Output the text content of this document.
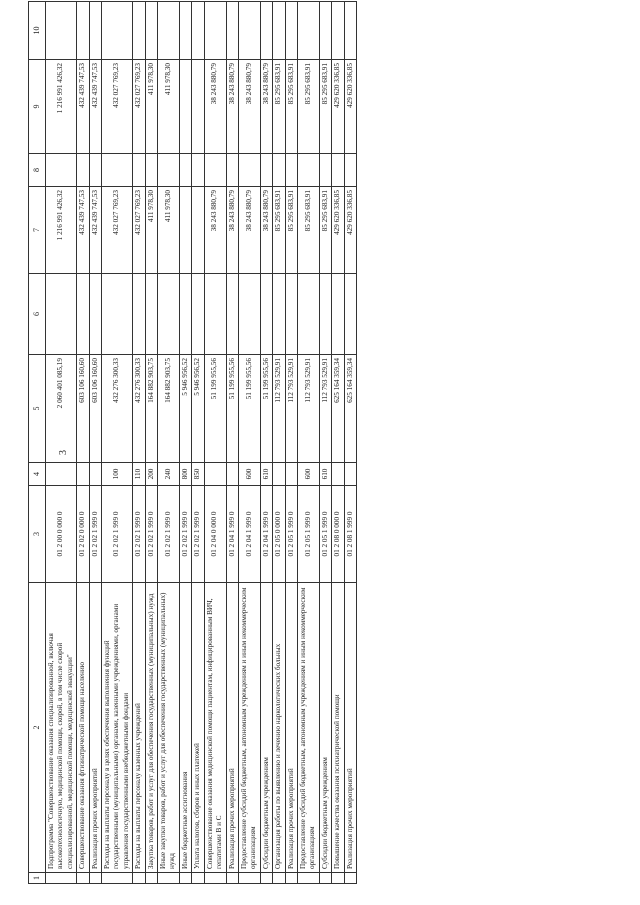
3
1	2	3	4	5	6	7	8	9	10
	Подпрограмма "Совершенствование оказания специализированной, включая высокотехнологичную, медицинской помощи, скорой, в том числе скорой специализированной, медицинской помощи, медицинской эвакуации"	01 2 00 0 000 0		2 060 401 085,19		1 216 991 426,32		1 216 991 426,32	
	Совершенствование оказания фтизиатрической помощи населению	01 2 02 0 000 0		603 106 160,60		432 439 747,53		432 439 747,53	
	Реализация прочих мероприятий	01 2 02 1 999 0		603 106 160,60		432 439 747,53		432 439 747,53	
	Расходы на выплаты персоналу в целях обеспечения выполнения функций государственными (муниципальными) органами, казенными учреждениями, органами управления государственными внебюджетными фондами	01 2 02 1 999 0	100	432 276 300,33		432 027 769,23		432 027 769,23	
	Расходы на выплаты персоналу казенных учреждений	01 2 02 1 999 0	110	432 276 300,33		432 027 769,23		432 027 769,23	
	Закупка товаров, работ и услуг для обеспечения государственных (муниципальных) нужд	01 2 02 1 999 0	200	164 882 903,75		411 978,30		411 978,30	
	Иные закупки товаров, работ и услуг для обеспечения государственных (муниципальных) нужд	01 2 02 1 999 0	240	164 882 903,75		411 978,30		411 978,30	
	Иные бюджетные ассигнования	01 2 02 1 999 0	800	5 946 956,52					
	Уплата налогов, сборов и иных платежей	01 2 02 1 999 0	850	5 946 956,52					
	Совершенствование оказания медицинской помощи пациентам, инфицированным ВИЧ, гепатитами В и С	01 2 04 0 000 0		51 199 955,56		38 243 880,79		38 243 880,79	
	Реализация прочих мероприятий	01 2 04 1 999 0		51 199 955,56		38 243 880,79		38 243 880,79	
	Предоставление субсидий бюджетным, автономным учреждениям и иным некоммерческим организациям	01 2 04 1 999 0	600	51 199 955,56		38 243 880,79		38 243 880,79	
	Субсидии бюджетным учреждениям	01 2 04 1 999 0	610	51 199 955,56		38 243 880,79		38 243 880,79	
	Организация работы по выявлению и лечению наркологических больных	01 2 05 0 000 0		112 793 529,91		85 295 683,91		85 295 683,91	
	Реализация прочих мероприятий	01 2 05 1 999 0		112 793 529,91		85 295 683,91		85 295 683,91	
	Предоставление субсидий бюджетным, автономным учреждениям и иным некоммерческим организациям	01 2 05 1 999 0	600	112 793 529,91		85 295 683,91		85 295 683,91	
	Субсидии бюджетным учреждениям	01 2 05 1 999 0	610	112 793 529,91		85 295 683,91		85 295 683,91	
	Повышение качества оказания психиатрической помощи	01 2 08 0 000 0		625 164 359,34		429 620 336,85		429 620 336,85	
	Реализация прочих мероприятий	01 2 08 1 999 0		625 164 359,34		429 620 336,85		429 620 336,85	
